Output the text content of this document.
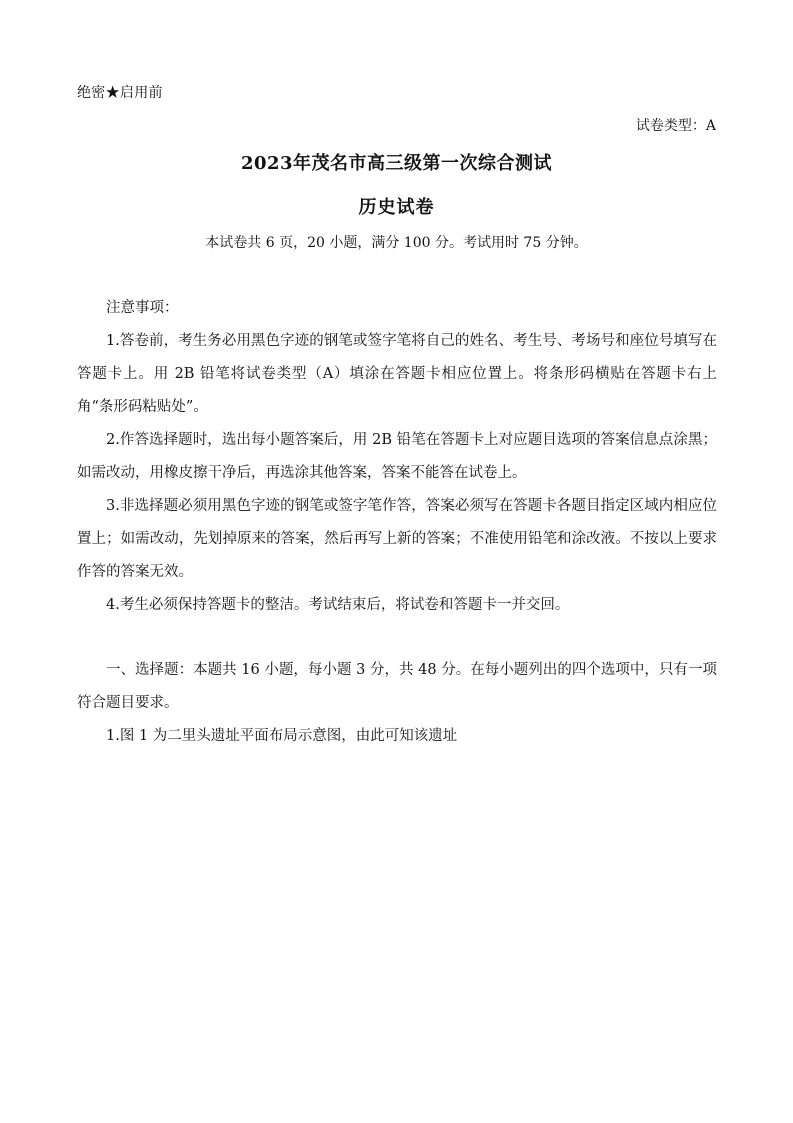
绝密★启用前
试卷类型：A
2023年茂名市高三级第一次综合测试
历史试卷
本试卷共 6 页，20 小题，满分 100 分。考试用时 75 分钟。
注意事项：

1.答卷前，考生务必用黑色字迹的钢笔或签字笔将自己的姓名、考生号、考场号和座位号填写在答题卡上。用 2B 铅笔将试卷类型（A）填涂在答题卡相应位置上。将条形码横贴在答题卡右上角“条形码粘贴处”。

2.作答选择题时，选出每小题答案后，用 2B 铅笔在答题卡上对应题目选项的答案信息点涂黑；如需改动，用橡皮擦干净后，再选涂其他答案，答案不能答在试卷上。

3.非选择题必须用黑色字迹的钢笔或签字笔作答，答案必须写在答题卡各题目指定区域内相应位置上；如需改动，先划掉原来的答案，然后再写上新的答案；不准使用铅笔和涂改液。不按以上要求作答的答案无效。

4.考生必须保持答题卡的整洁。考试结束后，将试卷和答题卡一并交回。

一、选择题：本题共 16 小题，每小题 3 分，共 48 分。在每小题列出的四个选项中，只有一项符合题目要求。

1.图 1 为二里头遗址平面布局示意图，由此可知该遗址
